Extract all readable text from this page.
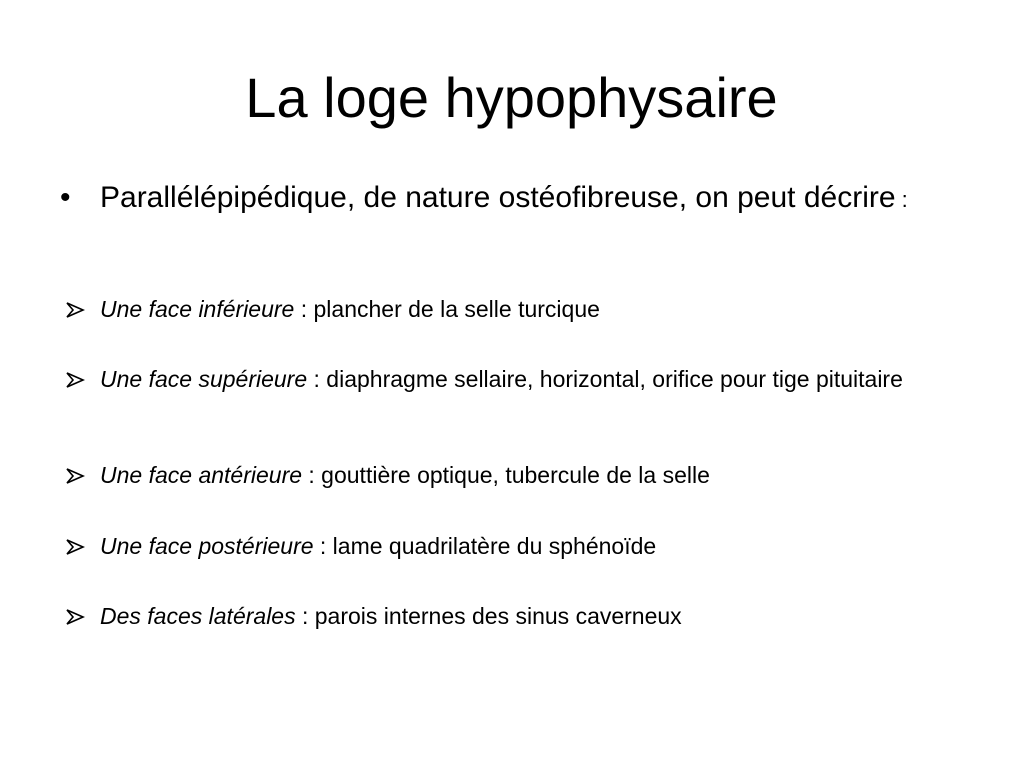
La loge hypophysaire
• Parallélépipédique, de nature ostéofibreuse, on peut décrire :
Une face inférieure : plancher de la selle turcique
Une face supérieure : diaphragme sellaire, horizontal, orifice pour tige pituitaire
Une face antérieure : gouttière optique, tubercule de la selle
Une face postérieure : lame quadrilatère du sphénoïde
Des faces latérales : parois internes des sinus caverneux
